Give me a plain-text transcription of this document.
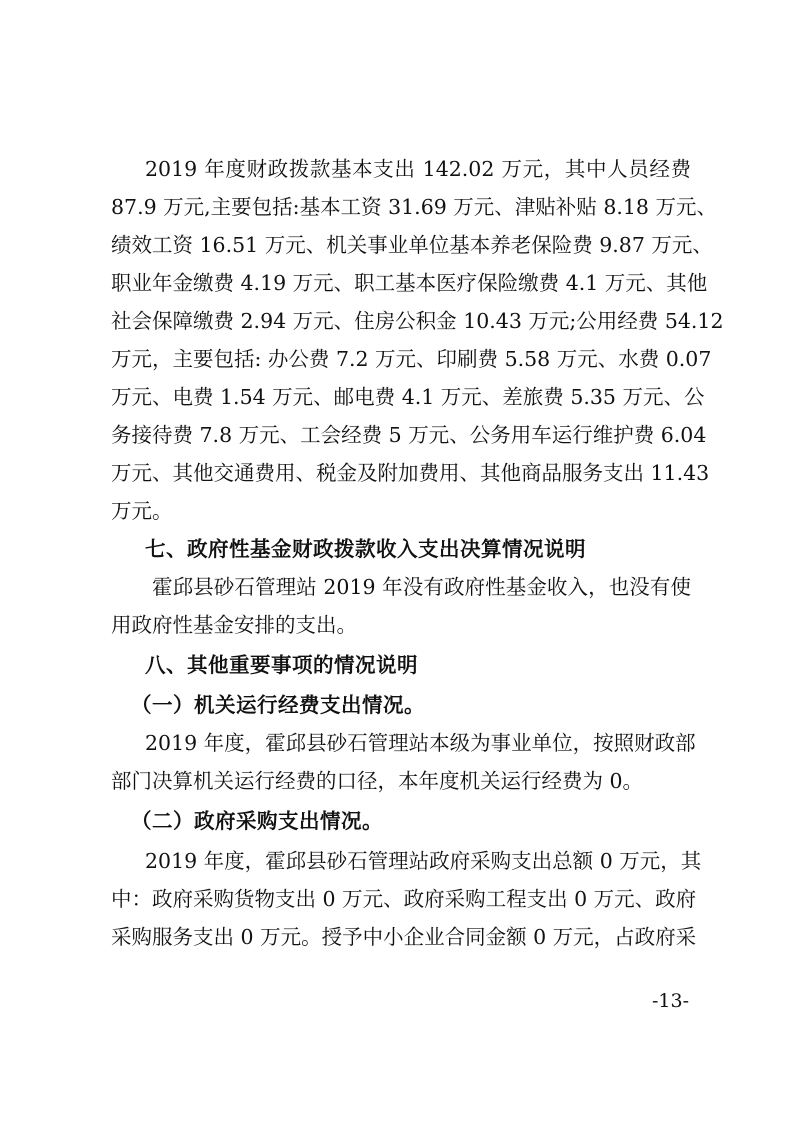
2019 年度财政拨款基本支出 142.02 万元，其中人员经费
87.9 万元,主要包括:基本工资 31.69 万元、津贴补贴 8.18 万元、
绩效工资 16.51 万元、机关事业单位基本养老保险费 9.87 万元、
职业年金缴费 4.19 万元、职工基本医疗保险缴费 4.1 万元、其他
社会保障缴费 2.94 万元、住房公积金 10.43 万元;公用经费 54.12
万元，主要包括: 办公费 7.2 万元、印刷费 5.58 万元、水费 0.07
万元、电费 1.54 万元、邮电费 4.1 万元、差旅费 5.35 万元、公
务接待费 7.8 万元、工会经费 5 万元、公务用车运行维护费 6.04
万元、其他交通费用、税金及附加费用、其他商品服务支出 11.43
万元。
七、政府性基金财政拨款收入支出决算情况说明
霍邱县砂石管理站 2019 年没有政府性基金收入，也没有使
用政府性基金安排的支出。
八、其他重要事项的情况说明
（一）机关运行经费支出情况。
2019 年度，霍邱县砂石管理站本级为事业单位，按照财政部
部门决算机关运行经费的口径，本年度机关运行经费为 0。
（二）政府采购支出情况。
2019 年度，霍邱县砂石管理站政府采购支出总额 0 万元，其
中：政府采购货物支出 0 万元、政府采购工程支出 0 万元、政府
采购服务支出 0 万元。授予中小企业合同金额 0 万元，占政府采
-13-
